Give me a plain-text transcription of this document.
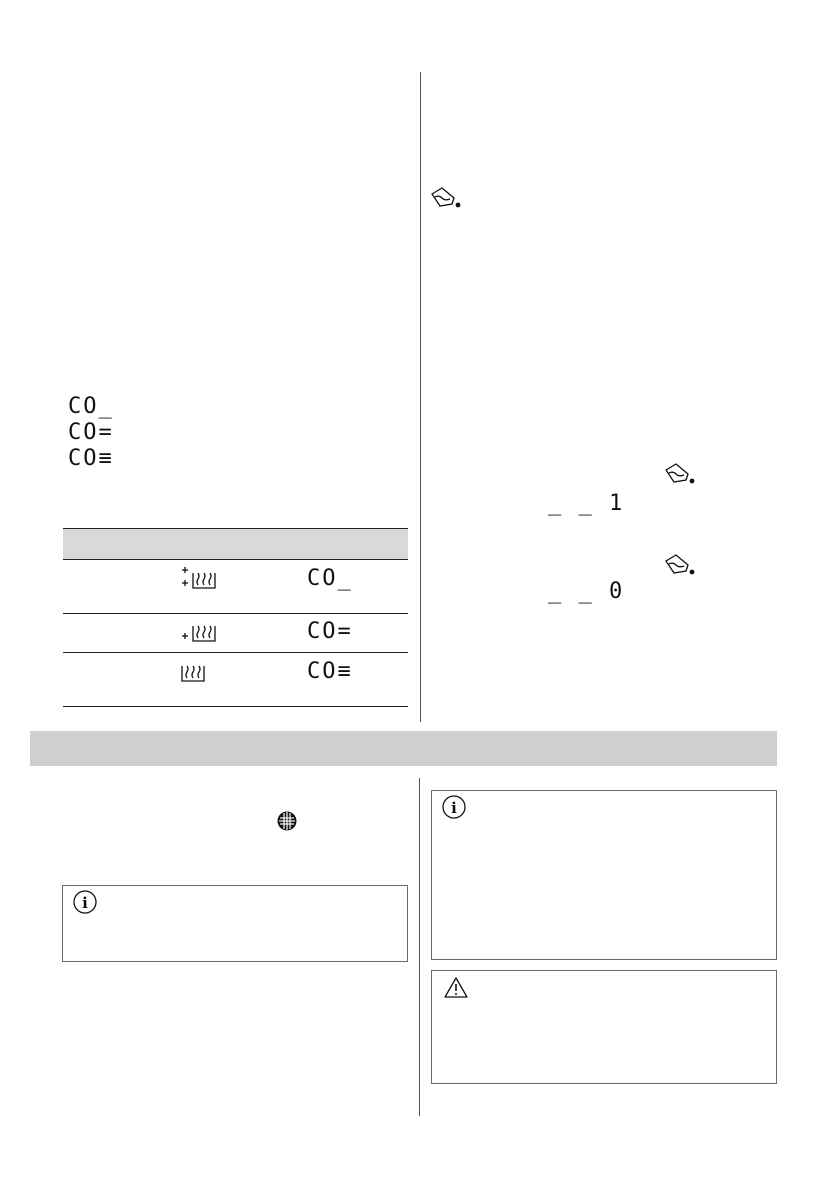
CO_
CO=
CO≡
CO_
CO=
CO≡
_ _ 1
_ _ 0
i
i
